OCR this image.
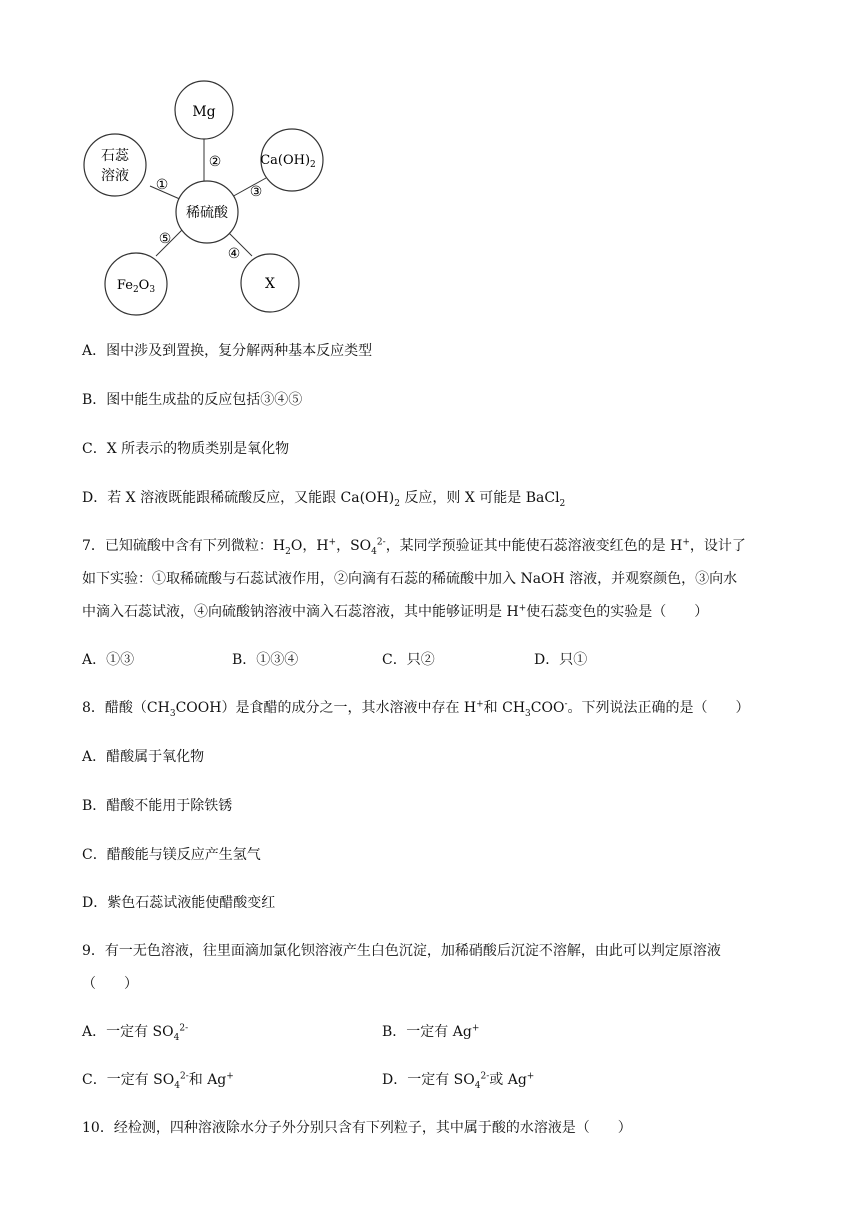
Mg
石蕊
溶液
$Ca(OH)_2$
稀硫酸
$Fe_2O_3$	X
①
②
③
④
⑤
A．图中涉及到置换，复分解两种基本反应类型
B．图中能生成盐的反应包括③④⑤
C．X 所表示的物质类别是氧化物
D．若 X 溶液既能跟稀硫酸反应，又能跟 $Ca(OH)_2$ 反应，则 X 可能是 BaCl$_2$
7．已知硫酸中含有下列微粒：$H_2O$，H+，$SO_4^{2-}$，某同学预验证其中能使石蕊溶液变红色的是 H+，设计了
如下实验：①取稀硫酸与石蕊试液作用，②向滴有石蕊的稀硫酸中加入 NaOH 溶液，并观察颜色，③向水
中滴入石蕊试液，④向硫酸钠溶液中滴入石蕊溶液，其中能够证明是 H+使石蕊变色的实验是（　　）
A．①③	B．①③④	C．只②	D．只①
8．醋酸$(CH_3COOH)$是食醋的成分之一，其水溶液中存在 H+和 $CH_3COO^-$。下列说法正确的是（　　）
A．醋酸属于氧化物
B．醋酸不能用于除铁锈
C．醋酸能与镁反应产生氢气
D．紫色石蕊试液能使醋酸变红
9．有一无色溶液，往里面滴加氯化钡溶液产生白色沉淀，加稀硝酸后沉淀不溶解，由此可以判定原溶液
（　　）
A．一定有 $SO_4^{2-}$	B．一定有 Ag+
C．一定有 $SO_4^{2-}$和 Ag+	D．一定有 $SO_4^{2-}$或 Ag+
10．经检测，四种溶液除水分子外分别只含有下列粒子，其中属于酸的水溶液是（　　）
